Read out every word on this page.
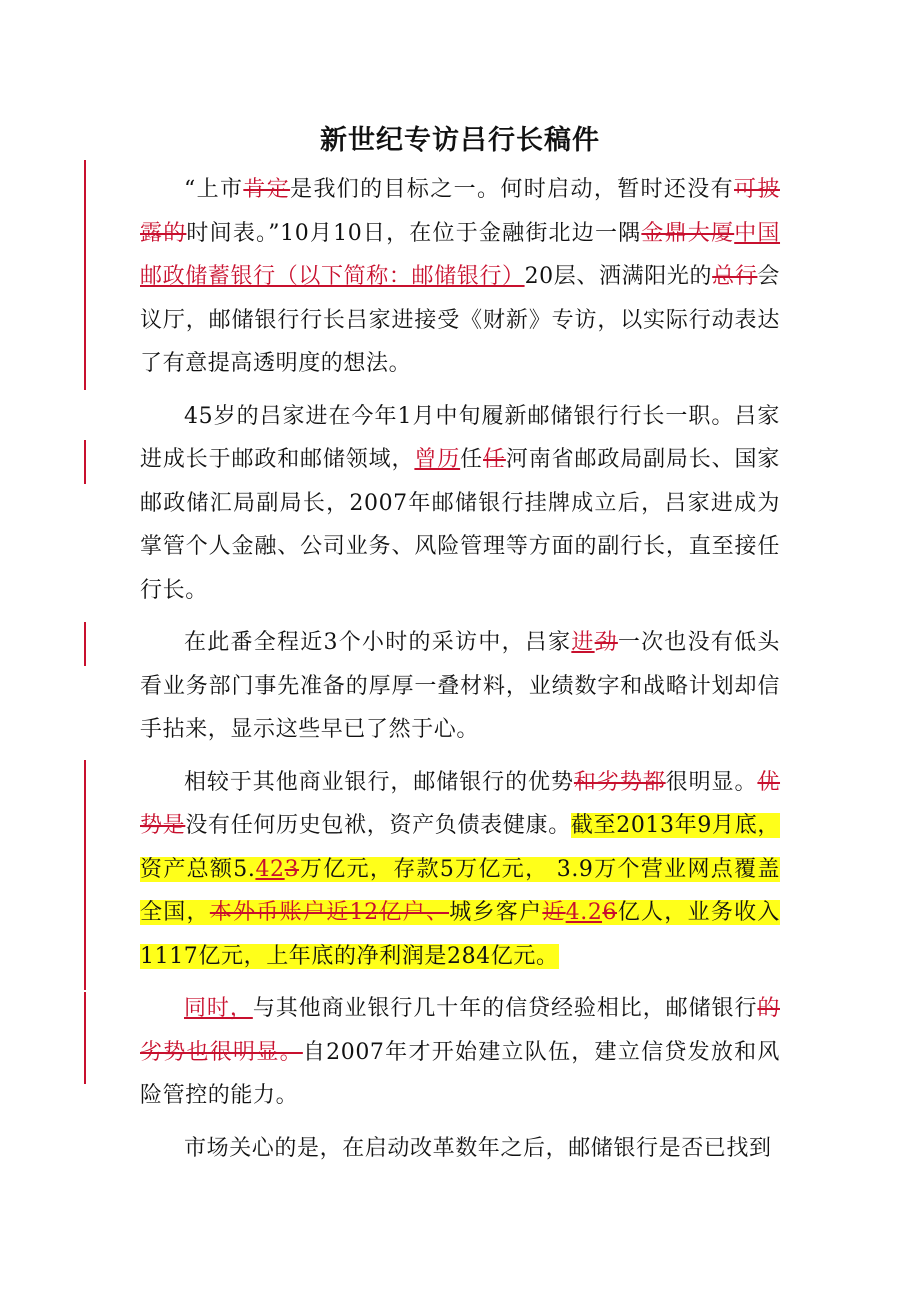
新世纪专访吕行长稿件

“上市肯定是我们的目标之一。何时启动，暂时还没有可披露的时间表。”10月10日，在位于金融街北边一隅金鼎大厦中国邮政储蓄银行（以下简称：邮储银行）20层、洒满阳光的总行会议厅，邮储银行行长吕家进接受《财新》专访，以实际行动表达了有意提高透明度的想法。

45岁的吕家进在今年1月中旬履新邮储银行行长一职。吕家进成长于邮政和邮储领域，曾历任任河南省邮政局副局长、国家邮政储汇局副局长，2007年邮储银行挂牌成立后，吕家进成为掌管个人金融、公司业务、风险管理等方面的副行长，直至接任行长。

在此番全程近3个小时的采访中，吕家进劲一次也没有低头看业务部门事先准备的厚厚一叠材料，业绩数字和战略计划却信手拈来，显示这些早已了然于心。

相较于其他商业银行，邮储银行的优势和劣势都很明显。优势是没有任何历史包袱，资产负债表健康。截至2013年9月底，资产总额5.423万亿元，存款5万亿元， 3.9万个营业网点覆盖全国，本外币账户近12亿户、城乡客户近4.26亿人，业务收入1117亿元，上年底的净利润是284亿元。

同时，与其他商业银行几十年的信贷经验相比，邮储银行的劣势也很明显。自2007年才开始建立队伍，建立信贷发放和风险管控的能力。

市场关心的是，在启动改革数年之后，邮储银行是否已找到
